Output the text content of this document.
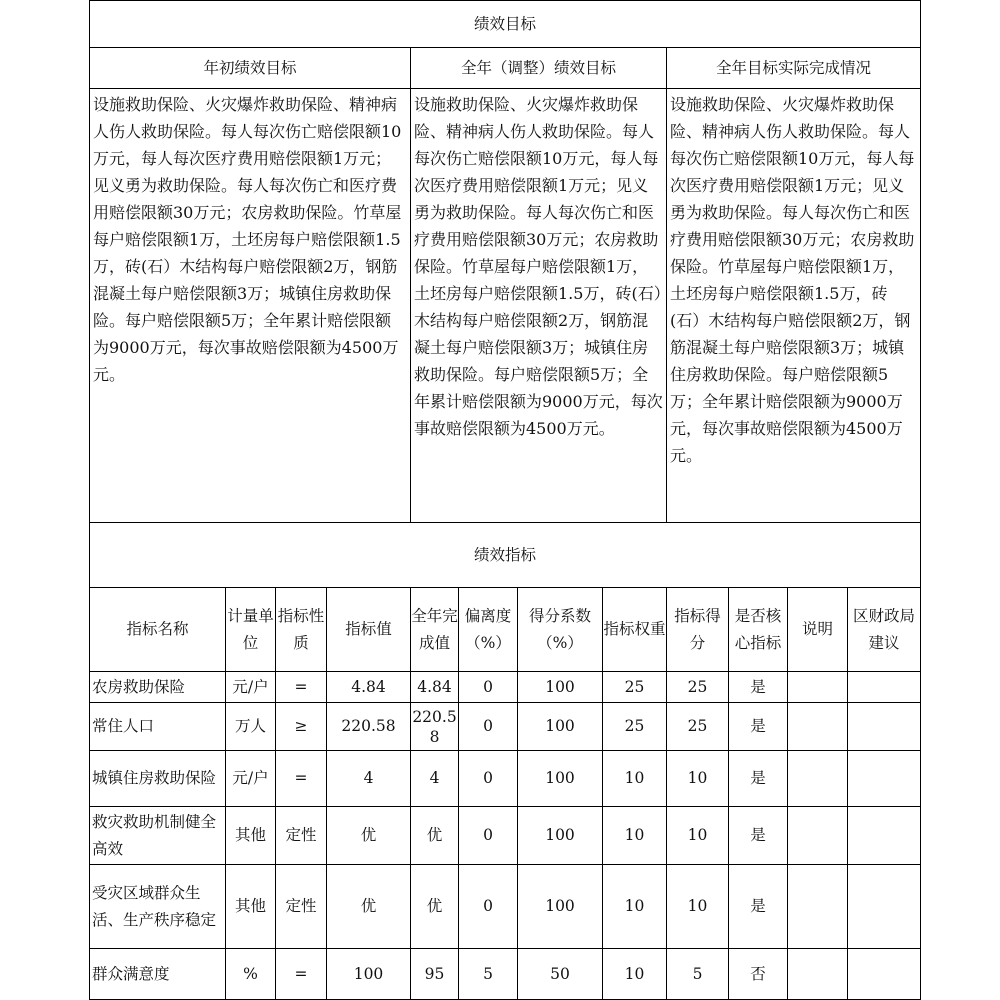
绩效目标											
年初绩效目标				全年（调整）绩效目标				全年目标实际完成情况			
设施救助保险、火灾爆炸救助保险、精神病人伤人救助保险。每人每次伤亡赔偿限额10万元，每人每次医疗费用赔偿限额1万元；见义勇为救助保险。每人每次伤亡和医疗费用赔偿限额30万元；农房救助保险。竹草屋每户赔偿限额1万，土坯房每户赔偿限额1.5万，砖(石）木结构每户赔偿限额2万，钢筋混凝土每户赔偿限额3万；城镇住房救助保险。每户赔偿限额5万；全年累计赔偿限额为9000万元，每次事故赔偿限额为4500万元。				设施救助保险、火灾爆炸救助保险、精神病人伤人救助保险。每人每次伤亡赔偿限额10万元，每人每次医疗费用赔偿限额1万元；见义勇为救助保险。每人每次伤亡和医疗费用赔偿限额30万元；农房救助保险。竹草屋每户赔偿限额1万，土坯房每户赔偿限额1.5万，砖(石）木结构每户赔偿限额2万，钢筋混凝土每户赔偿限额3万；城镇住房救助保险。每户赔偿限额5万；全年累计赔偿限额为9000万元，每次事故赔偿限额为4500万元。				设施救助保险、火灾爆炸救助保险、精神病人伤人救助保险。每人每次伤亡赔偿限额10万元，每人每次医疗费用赔偿限额1万元；见义勇为救助保险。每人每次伤亡和医疗费用赔偿限额30万元；农房救助保险。竹草屋每户赔偿限额1万，土坯房每户赔偿限额1.5万，砖(石）木结构每户赔偿限额2万，钢筋混凝土每户赔偿限额3万；城镇住房救助保险。每户赔偿限额5万；全年累计赔偿限额为9000万元，每次事故赔偿限额为4500万元。			
绩效指标											
指标名称	计量单位	指标性质	指标值	全年完成值	偏离度（%）	得分系数（%）	指标权重	指标得分	是否核心指标	说明	区财政局建议
农房救助保险	元/户	=	4.84	4.84	0	100	25	25	是		
常住人口	万人	≥	220.58	220.58	0	100	25	25	是		
城镇住房救助保险	元/户	=	4	4	0	100	10	10	是		
救灾救助机制健全高效	其他	定性	优	优	0	100	10	10	是		
受灾区域群众生活、生产秩序稳定	其他	定性	优	优	0	100	10	10	是		
群众满意度	%	=	100	95	5	50	10	5	否		
